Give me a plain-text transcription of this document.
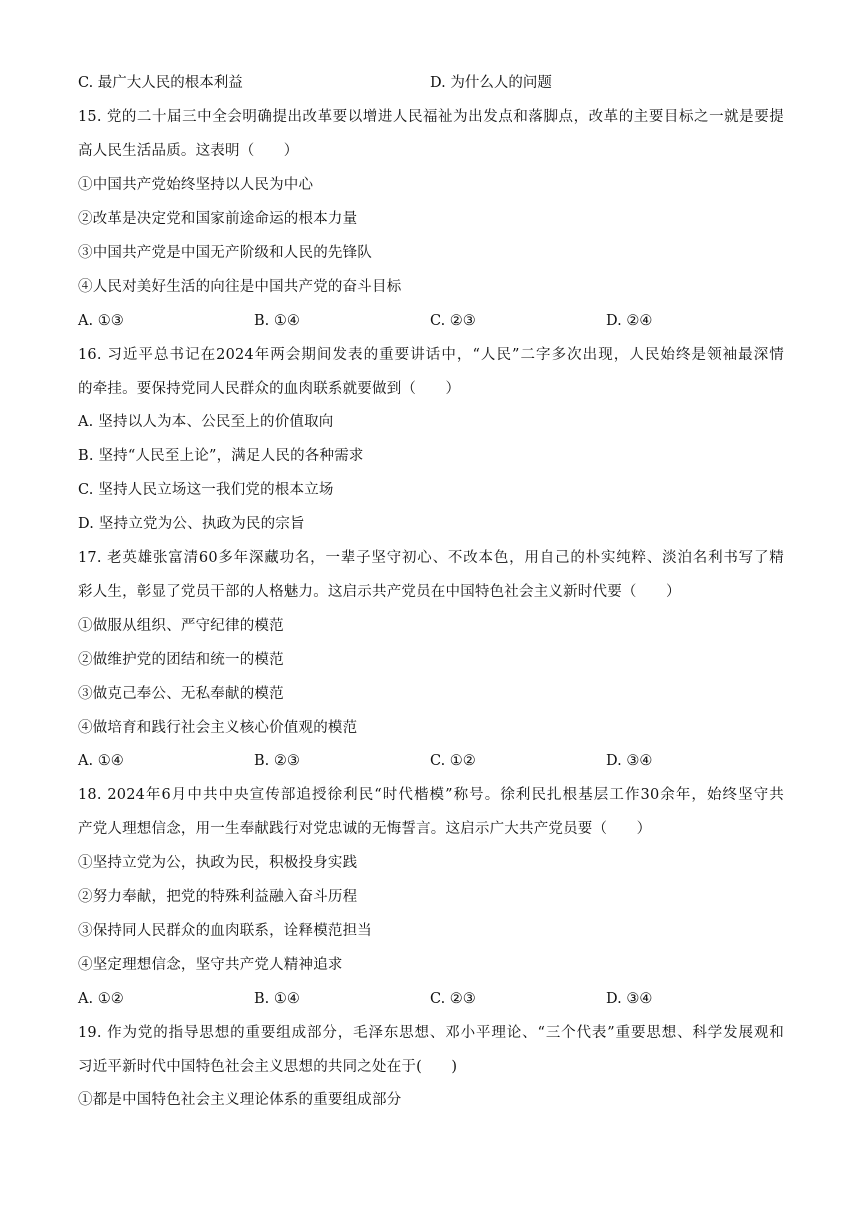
C. 最广大人民的根本利益	D. 为什么人的问题
15. 党的二十届三中全会明确提出改革要以增进人民福祉为出发点和落脚点，改革的主要目标之一就是要提
高人民生活品质。这表明（　　）
①中国共产党始终坚持以人民为中心
②改革是决定党和国家前途命运的根本力量
③中国共产党是中国无产阶级和人民的先锋队
④人民对美好生活的向往是中国共产党的奋斗目标
A. ①③	B. ①④	C. ②③	D. ②④
16. 习近平总书记在2024年两会期间发表的重要讲话中，“人民”二字多次出现，人民始终是领袖最深情
的牵挂。要保持党同人民群众的血肉联系就要做到（　　）
A. 坚持以人为本、公民至上的价值取向
B. 坚持“人民至上论”，满足人民的各种需求
C. 坚持人民立场这一我们党的根本立场
D. 坚持立党为公、执政为民的宗旨
17. 老英雄张富清60多年深藏功名，一辈子坚守初心、不改本色，用自己的朴实纯粹、淡泊名利书写了精
彩人生，彰显了党员干部的人格魅力。这启示共产党员在中国特色社会主义新时代要（　　）
①做服从组织、严守纪律的模范
②做维护党的团结和统一的模范
③做克己奉公、无私奉献的模范
④做培育和践行社会主义核心价值观的模范
A. ①④	B. ②③	C. ①②	D. ③④
18. 2024年6月中共中央宣传部追授徐利民“时代楷模”称号。徐利民扎根基层工作30余年，始终坚守共
产党人理想信念，用一生奉献践行对党忠诚的无悔誓言。这启示广大共产党员要（　　）
①坚持立党为公，执政为民，积极投身实践
②努力奉献，把党的特殊利益融入奋斗历程
③保持同人民群众的血肉联系，诠释模范担当
④坚定理想信念，坚守共产党人精神追求
A. ①②	B. ①④	C. ②③	D. ③④
19. 作为党的指导思想的重要组成部分，毛泽东思想、邓小平理论、“三个代表”重要思想、科学发展观和
习近平新时代中国特色社会主义思想的共同之处在于(　　)
①都是中国特色社会主义理论体系的重要组成部分
